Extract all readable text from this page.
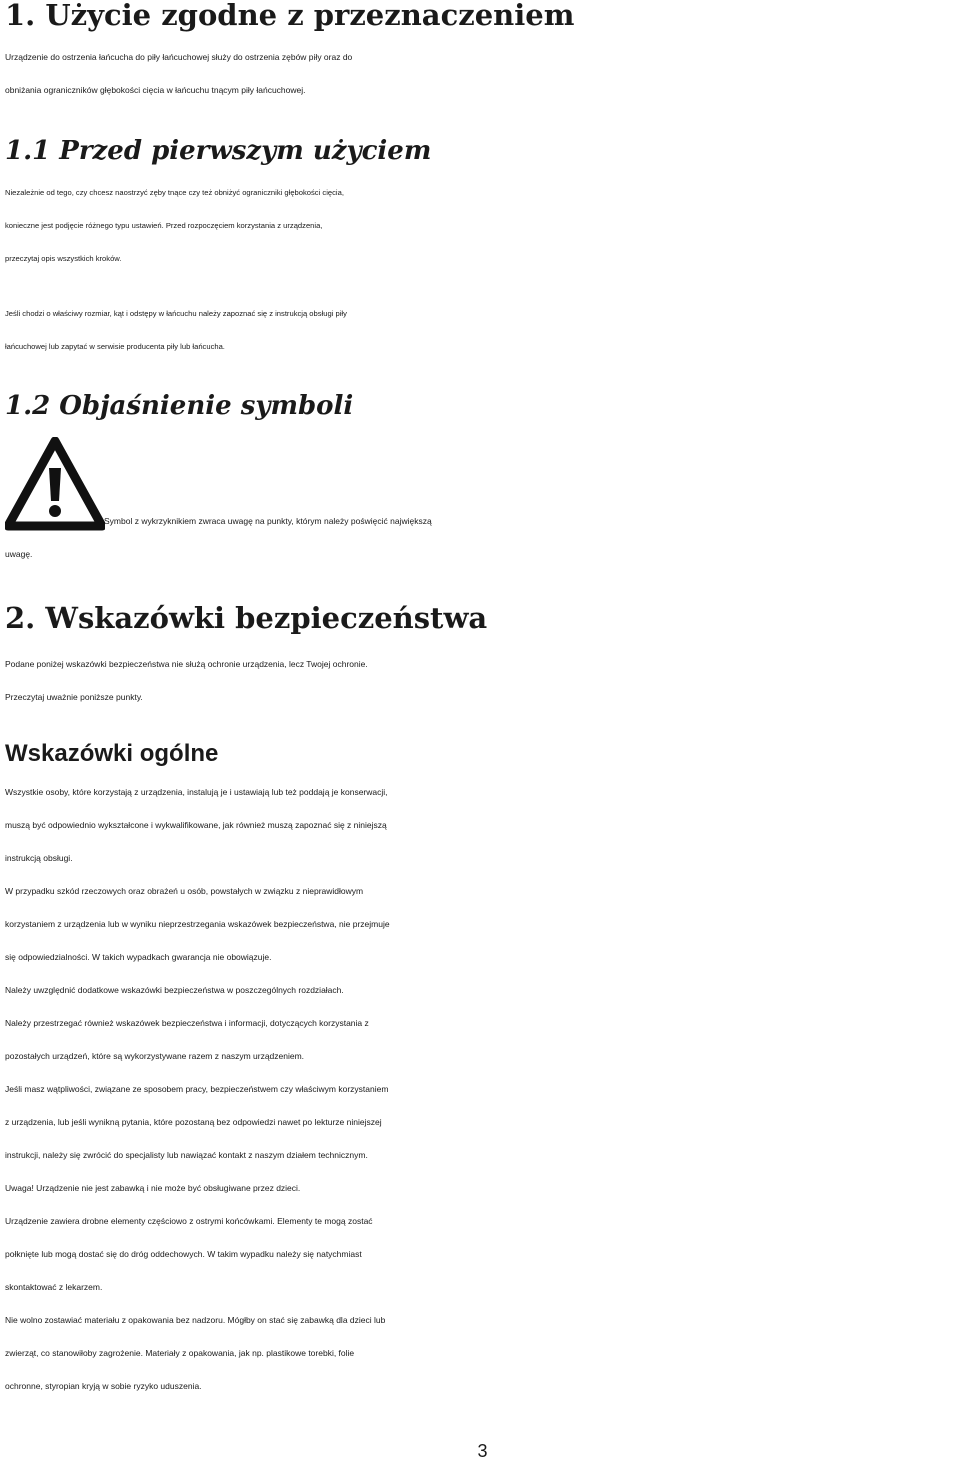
1. Użycie zgodne z przeznaczeniem
Urządzenie do ostrzenia łańcucha do piły łańcuchowej służy do ostrzenia zębów piły oraz do
obniżania ograniczników głębokości cięcia w łańcuchu tnącym piły łańcuchowej.
1.1 Przed pierwszym użyciem
Niezależnie od tego, czy chcesz naostrzyć zęby tnące czy też obniżyć ograniczniki głębokości cięcia,
konieczne jest podjęcie różnego typu ustawień. Przed rozpoczęciem korzystania z urządzenia,
przeczytaj opis wszystkich kroków.
Jeśli chodzi o właściwy rozmiar, kąt i odstępy w łańcuchu należy zapoznać się z instrukcją obsługi piły
łańcuchowej lub zapytać w serwisie producenta piły lub łańcucha.
1.2 Objaśnienie symboli
Symbol z wykrzyknikiem zwraca uwagę na punkty, którym należy poświęcić największą
uwagę.
2. Wskazówki bezpieczeństwa
Podane poniżej wskazówki bezpieczeństwa nie służą ochronie urządzenia, lecz Twojej ochronie.
Przeczytaj uważnie poniższe punkty.
Wskazówki ogólne
Wszystkie osoby, które korzystają z urządzenia, instalują je i ustawiają lub też poddają je konserwacji,
muszą być odpowiednio wykształcone i wykwalifikowane, jak również muszą zapoznać się z niniejszą
instrukcją obsługi.
W przypadku szkód rzeczowych oraz obrażeń u osób, powstałych w związku z nieprawidłowym
korzystaniem z urządzenia lub w wyniku nieprzestrzegania wskazówek bezpieczeństwa, nie przejmuje
się odpowiedzialności. W takich wypadkach gwarancja nie obowiązuje.
Należy uwzględnić dodatkowe wskazówki bezpieczeństwa w poszczególnych rozdziałach.
Należy przestrzegać również wskazówek bezpieczeństwa i informacji, dotyczących korzystania z
pozostałych urządzeń, które są wykorzystywane razem z naszym urządzeniem.
Jeśli masz wątpliwości, związane ze sposobem pracy, bezpieczeństwem czy właściwym korzystaniem
z urządzenia, lub jeśli wynikną pytania, które pozostaną bez odpowiedzi nawet po lekturze niniejszej
instrukcji, należy się zwrócić do specjalisty lub nawiązać kontakt z naszym działem technicznym.
Uwaga! Urządzenie nie jest zabawką i nie może być obsługiwane przez dzieci.
Urządzenie zawiera drobne elementy częściowo z ostrymi końcówkami. Elementy te mogą zostać
połknięte lub mogą dostać się do dróg oddechowych. W takim wypadku należy się natychmiast
skontaktować z lekarzem.
Nie wolno zostawiać materiału z opakowania bez nadzoru. Mógłby on stać się zabawką dla dzieci lub
zwierząt, co stanowiłoby zagrożenie. Materiały z opakowania, jak np. plastikowe torebki, folie
ochronne, styropian kryją w sobie ryzyko uduszenia.
3
